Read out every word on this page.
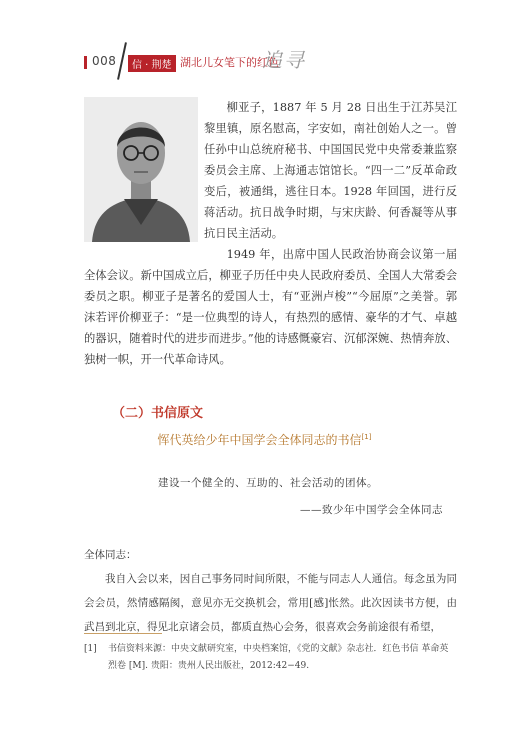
008	信 · 荆楚 湖北儿女笔下的红色
追寻

柳亚子，1887 年 5 月 28 日出生于江苏吴江黎里镇，原名慰高，字安如，南社创始人之一。曾任孙中山总统府秘书、中国国民党中央常委兼监察委员会主席、上海通志馆馆长。“四一二”反革命政变后，被通缉，逃往日本。1928 年回国，进行反蒋活动。抗日战争时期，与宋庆龄、何香凝等从事抗日民主活动。

1949 年，出席中国人民政治协商会议第一届全体会议。新中国成立后，柳亚子历任中央人民政府委员、全国人大常委会委员之职。柳亚子是著名的爱国人士，有“亚洲卢梭”“今屈原”之美誉。郭沫若评价柳亚子：“是一位典型的诗人，有热烈的感情、豪华的才气、卓越的器识，随着时代的进步而进步。”他的诗感慨豪宕、沉郁深婉、热情奔放、独树一帜，开一代革命诗风。

（二）书信原文
恽代英给少年中国学会全体同志的书信[1]
建设一个健全的、互助的、社会活动的团体。
——致少年中国学会全体同志

全体同志：

我自入会以来，因自己事务同时间所限，不能与同志人人通信。每念虽为同会会员，然情感隔阂，意见亦无交换机会，常用[感]怅然。此次因读书方便，由武昌到北京，得见北京诸会员，都质直热心会务，很喜欢会务前途很有希望，

[1] 书信资料来源：中央文献研究室，中央档案馆，《党的文献》杂志社．红色书信 革命英烈卷 [M]. 贵阳：贵州人民出版社，2012:42−49.
